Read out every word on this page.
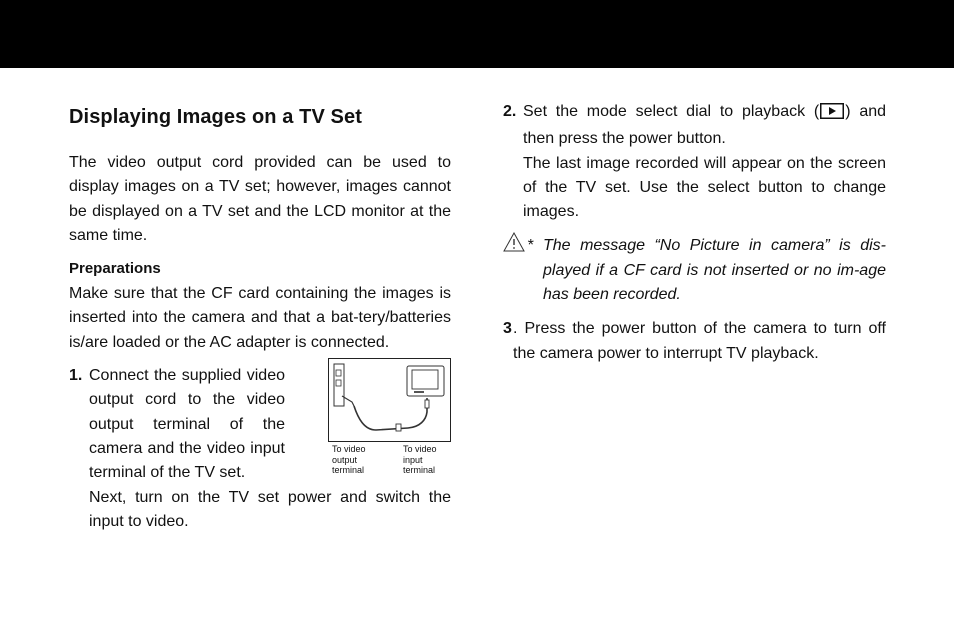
Displaying Images on a TV Set

The video output cord provided can be used to display images on a TV set; however, images cannot be displayed on a TV set and the LCD monitor at the same time.

Preparations

Make sure that the CF card containing the images is inserted into the camera and that a bat-tery/batteries is/are loaded or the AC adapter is connected.

1. Connect the supplied video output cord to the video output terminal of the camera and the video input terminal of the TV set.

Next, turn on the TV set power and switch the input to video.

To video output terminal
To video input terminal
2. Set the mode select dial to playback ( ) and then press the power button.

The last image recorded will appear on the screen of the TV set. Use the select button to change images.

* The message “No Picture in camera” is dis-played if a CF card is not inserted or no im-age has been recorded.

3 . Press the power button of the camera to turn off the camera power to interrupt TV playback.
